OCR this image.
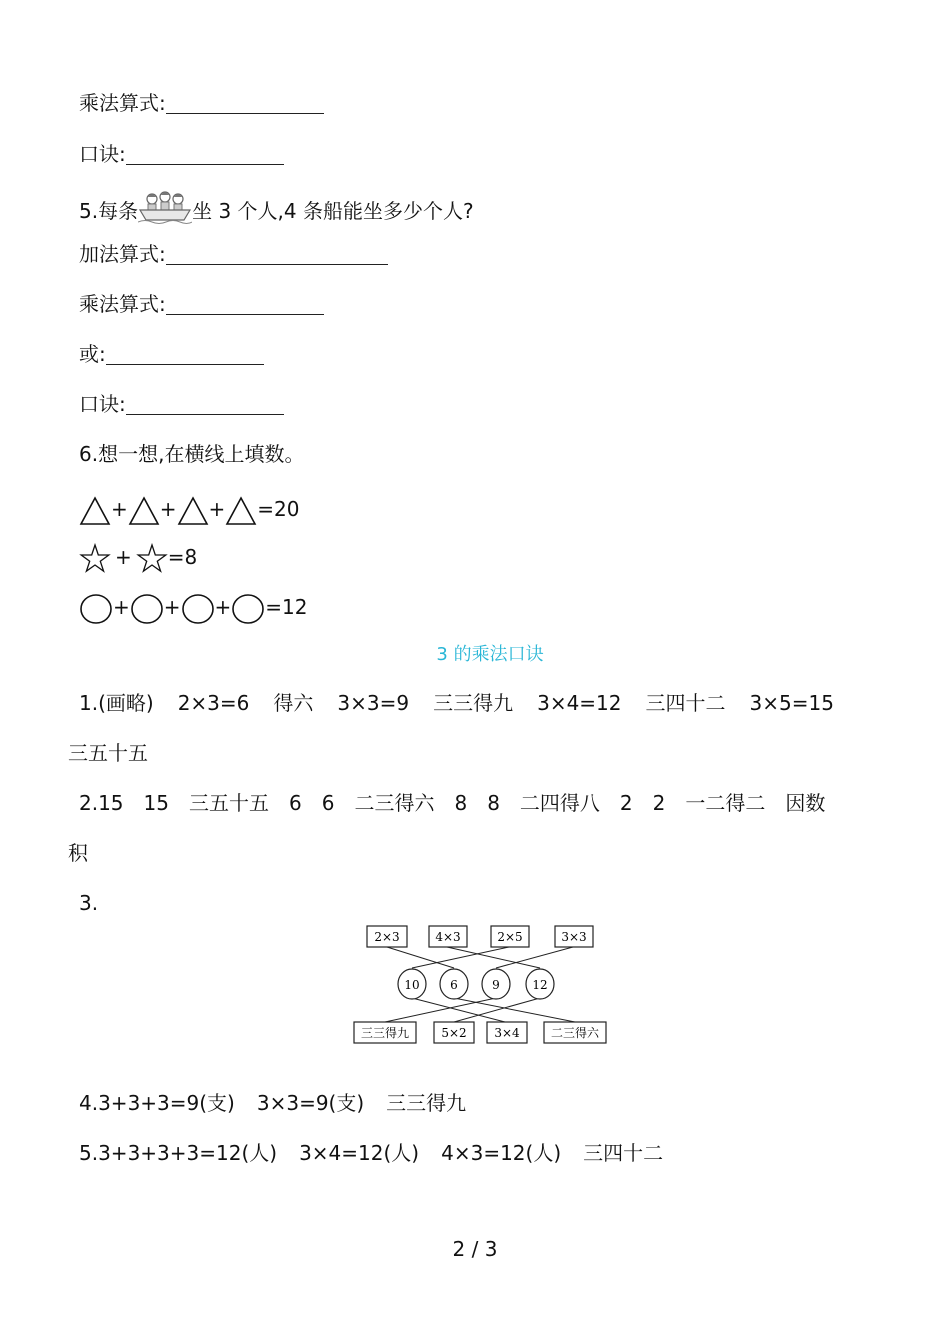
乘法算式:
口诀:
5.每条	坐 3 个人,4 条船能坐多少个人?
加法算式:
乘法算式:
或:
口诀:
6.想一想,在横线上填数。
+ + + =20
+ =8
+ + + =12
3 的乘法口诀
1.(画略) 2×3=6 得六 3×3=9 三三得九 3×4=12 三四十二 3×5=15
三五十五
2.15 15 三五十五 6 6 二三得六 8 8 二四得八 2 2 一二得二 因数
积
3.
2×3	4×3	2×5	3×3
10	6	9	12
三三得九	5×2 3×4	二三得六
4.3+3+3=9(支) 3×3=9(支) 三三得九
5.3+3+3+3=12(人) 3×4=12(人) 4×3=12(人) 三四十二
2 / 3
